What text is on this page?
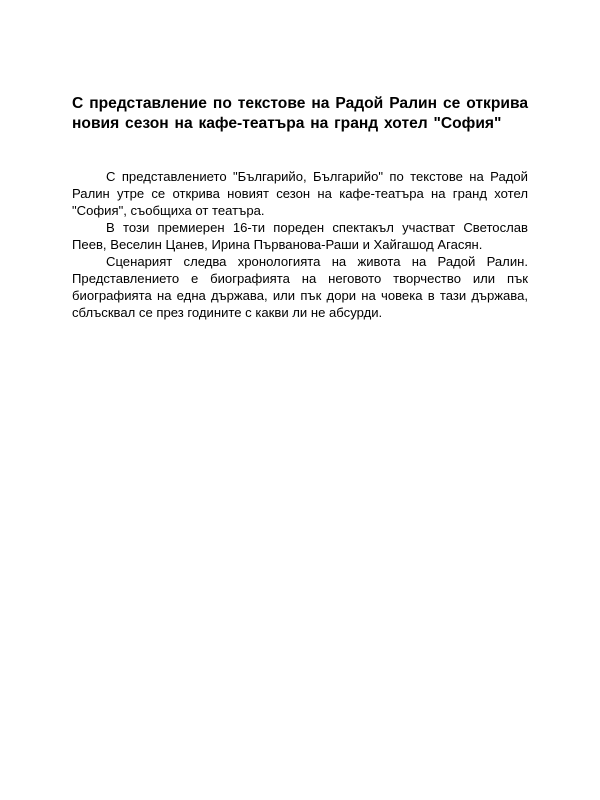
С представление по текстове на Радой Ралин се открива новия сезон на кафе-театъра на гранд хотел "София"

С представлението "Българийо, Българийо" по текстове на Радой Ралин утре се открива новият сезон на кафе-театъра на гранд хотел "София", съобщиха от театъра.

В този премиерен 16-ти пореден спектакъл участват Светослав Пеев, Веселин Цанев, Ирина Първанова-Раши и Хайгашод Агасян.

Сценарият следва хронологията на живота на Радой Ралин. Представлението е биографията на неговото творчество или пък биографията на една държава, или пък дори на човека в тази държава, сблъсквал се през годините с какви ли не абсурди.
